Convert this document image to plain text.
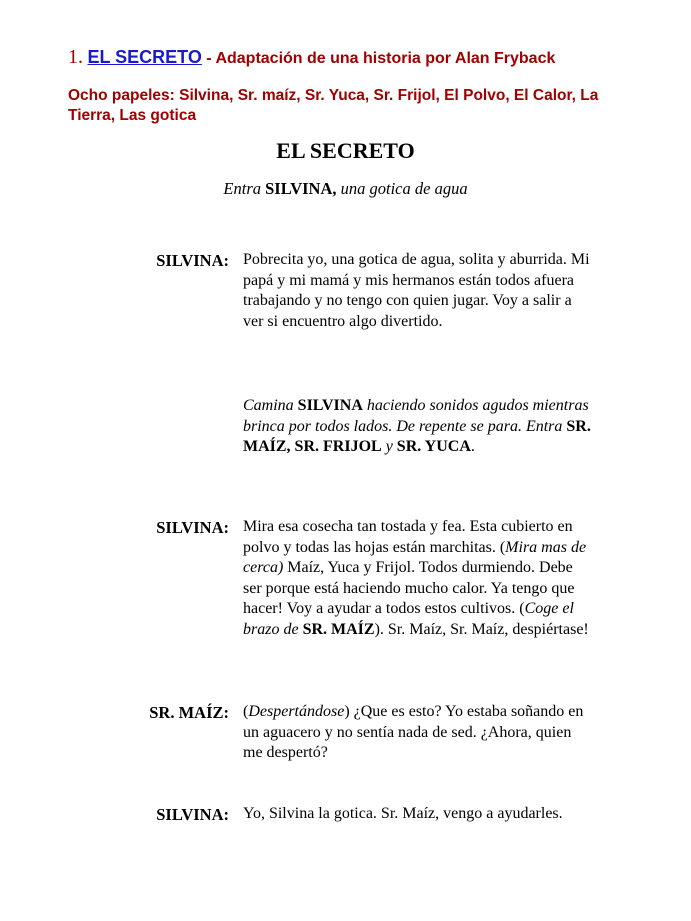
1. EL SECRETO - Adaptación de una historia por Alan Fryback
Ocho papeles: Silvina, Sr. maíz, Sr. Yuca, Sr. Frijol, El Polvo, El Calor, La Tierra, Las gotica
EL SECRETO
Entra SILVINA, una gotica de agua
SILVINA: Pobrecita yo, una gotica de agua, solita y aburrida. Mi papá y mi mamá y mis hermanos están todos afuera trabajando y no tengo con quien jugar. Voy a salir a ver si encuentro algo divertido.
Camina SILVINA haciendo sonidos agudos mientras brinca por todos lados. De repente se para. Entra SR. MAÍZ, SR. FRIJOL y SR. YUCA.
SILVINA: Mira esa cosecha tan tostada y fea. Esta cubierto en polvo y todas las hojas están marchitas. (Mira mas de cerca) Maíz, Yuca y Frijol. Todos durmiendo. Debe ser porque está haciendo mucho calor. Ya tengo que hacer! Voy a ayudar a todos estos cultivos. (Coge el brazo de SR. MAÍZ). Sr. Maíz, Sr. Maíz, despiértase!
SR. MAÍZ: (Despertándose) ¿Que es esto? Yo estaba soñando en un aguacero y no sentía nada de sed. ¿Ahora, quien me despertó?
SILVINA: Yo, Silvina la gotica. Sr. Maíz, vengo a ayudarles.
